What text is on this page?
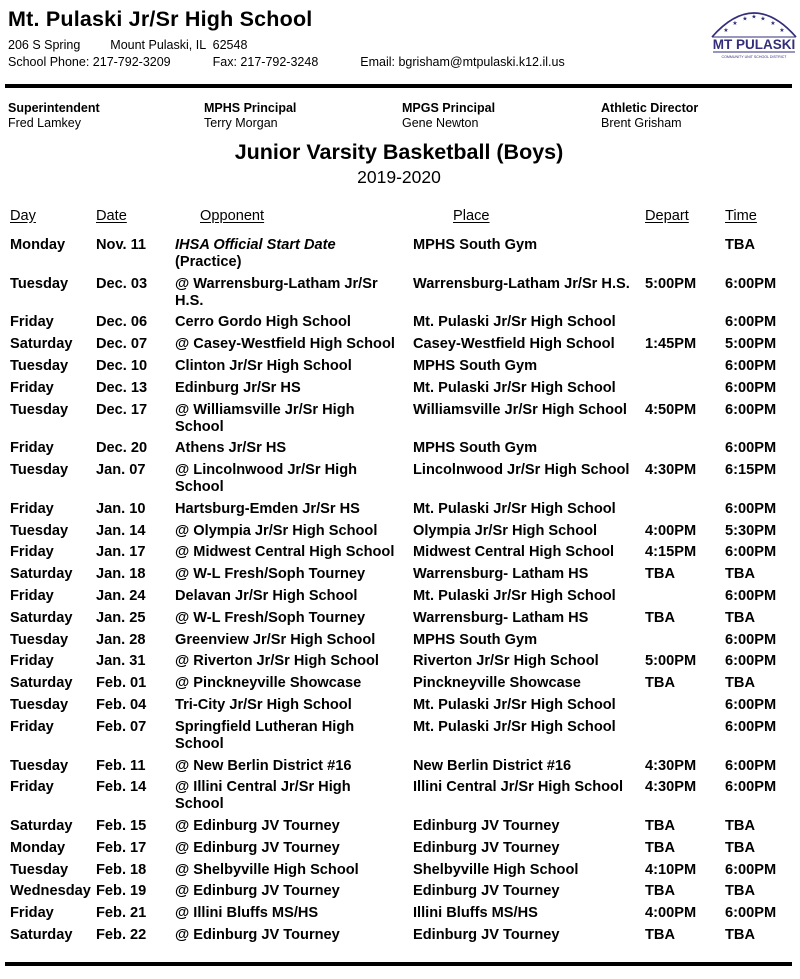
Mt. Pulaski Jr/Sr High School
206 S Spring Mount Pulaski, IL  62548
School Phone: 217-792-3209	Fax: 217-792-3248	Email: bgrisham@mtpulaski.k12.il.us
★
★
★ ★ ★
★
★
MT PULASKI
COMMUNITY UNIT SCHOOL DISTRICT
Superintendent
Fred Lamkey
MPHS Principal
Terry Morgan
MPGS Principal
Gene Newton
Athletic Director
Brent Grisham
Junior Varsity Basketball (Boys)
2019-2020
Day	Date	Opponent	Place	Depart	Time
Monday	Nov. 11	IHSA Official Start Date
(Practice)	MPHS South Gym		TBA
Tuesday	Dec. 03	@ Warrensburg-Latham Jr/Sr
H.S.	Warrensburg-Latham Jr/Sr H.S.	5:00PM	6:00PM
Friday	Dec. 06	Cerro Gordo High School	Mt. Pulaski Jr/Sr High School		6:00PM
Saturday	Dec. 07	@ Casey-Westfield High School	Casey-Westfield High School	1:45PM	5:00PM
Tuesday	Dec. 10	Clinton Jr/Sr High School	MPHS South Gym		6:00PM
Friday	Dec. 13	Edinburg Jr/Sr HS	Mt. Pulaski Jr/Sr High School		6:00PM
Tuesday	Dec. 17	@ Williamsville Jr/Sr High
School	Williamsville Jr/Sr High School	4:50PM	6:00PM
Friday	Dec. 20	Athens Jr/Sr HS	MPHS South Gym		6:00PM
Tuesday	Jan. 07	@ Lincolnwood Jr/Sr High
School	Lincolnwood Jr/Sr High School	4:30PM	6:15PM
Friday	Jan. 10	Hartsburg-Emden Jr/Sr HS	Mt. Pulaski Jr/Sr High School		6:00PM
Tuesday	Jan. 14	@ Olympia Jr/Sr High School	Olympia Jr/Sr High School	4:00PM	5:30PM
Friday	Jan. 17	@ Midwest Central High School	Midwest Central High School	4:15PM	6:00PM
Saturday	Jan. 18	@ W-L Fresh/Soph Tourney	Warrensburg- Latham HS	TBA	TBA
Friday	Jan. 24	Delavan Jr/Sr High School	Mt. Pulaski Jr/Sr High School		6:00PM
Saturday	Jan. 25	@ W-L Fresh/Soph Tourney	Warrensburg- Latham HS	TBA	TBA
Tuesday	Jan. 28	Greenview Jr/Sr High School	MPHS South Gym		6:00PM
Friday	Jan. 31	@ Riverton Jr/Sr High School	Riverton Jr/Sr High School	5:00PM	6:00PM
Saturday	Feb. 01	@ Pinckneyville Showcase	Pinckneyville Showcase	TBA	TBA
Tuesday	Feb. 04	Tri-City Jr/Sr High School	Mt. Pulaski Jr/Sr High School		6:00PM
Friday	Feb. 07	Springfield Lutheran High
School	Mt. Pulaski Jr/Sr High School		6:00PM
Tuesday	Feb. 11	@ New Berlin District #16	New Berlin District #16	4:30PM	6:00PM
Friday	Feb. 14	@ Illini Central Jr/Sr High
School	Illini Central Jr/Sr High School	4:30PM	6:00PM
Saturday	Feb. 15	@ Edinburg JV Tourney	Edinburg JV Tourney	TBA	TBA
Monday	Feb. 17	@ Edinburg JV Tourney	Edinburg JV Tourney	TBA	TBA
Tuesday	Feb. 18	@ Shelbyville High School	Shelbyville High School	4:10PM	6:00PM
Wednesday	Feb. 19	@ Edinburg JV Tourney	Edinburg JV Tourney	TBA	TBA
Friday	Feb. 21	@ Illini Bluffs MS/HS	Illini Bluffs MS/HS	4:00PM	6:00PM
Saturday	Feb. 22	@ Edinburg JV Tourney	Edinburg JV Tourney	TBA	TBA
